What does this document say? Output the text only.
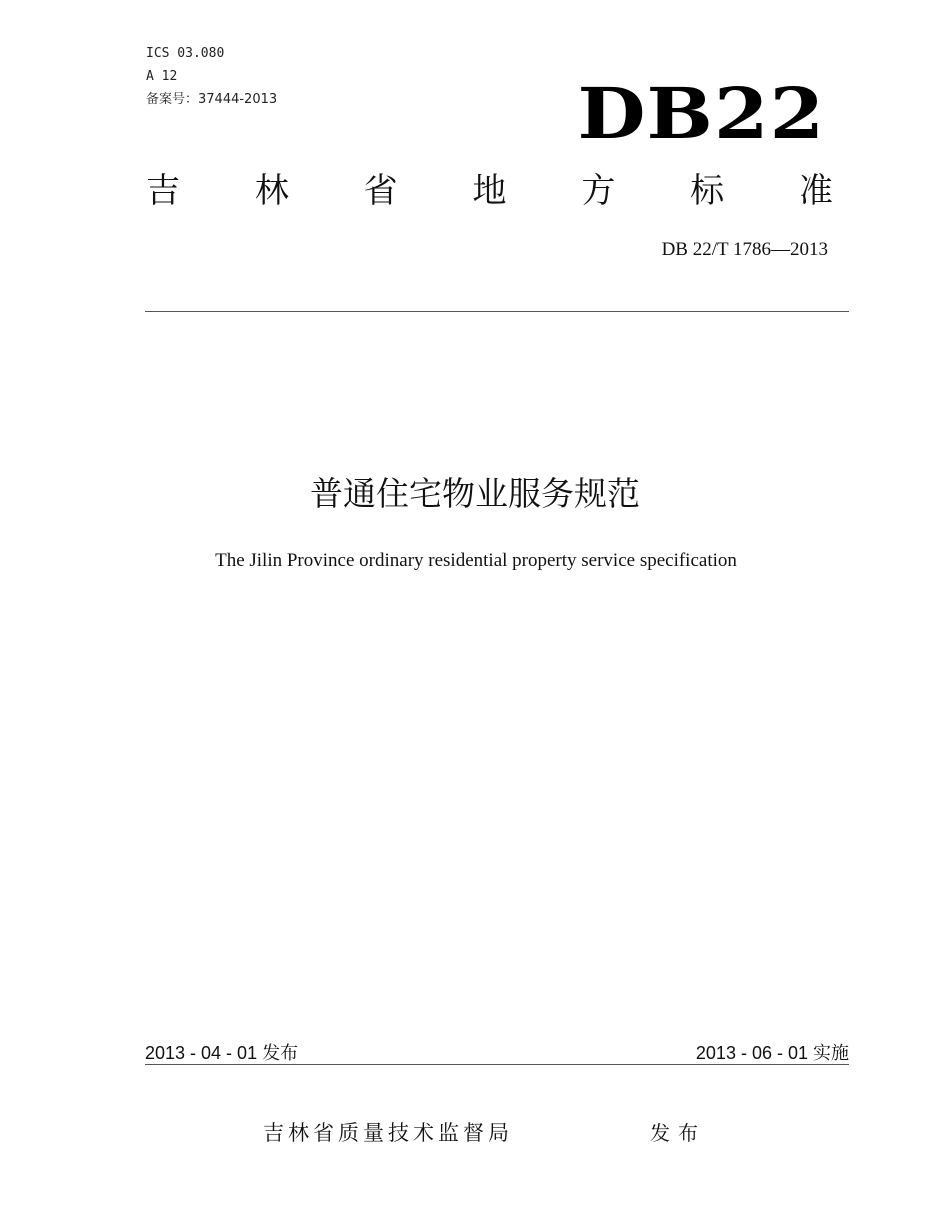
ICS 03.080
A 12
备案号：37444-2013	DB22
吉 林 省 地 方 标 准
DB 22/T 1786—2013
普通住宅物业服务规范
The Jilin Province ordinary residential property service specification
2013 - 04 - 01 发布	2013 - 06 - 01 实施
吉林省质量技术监督局	发布
